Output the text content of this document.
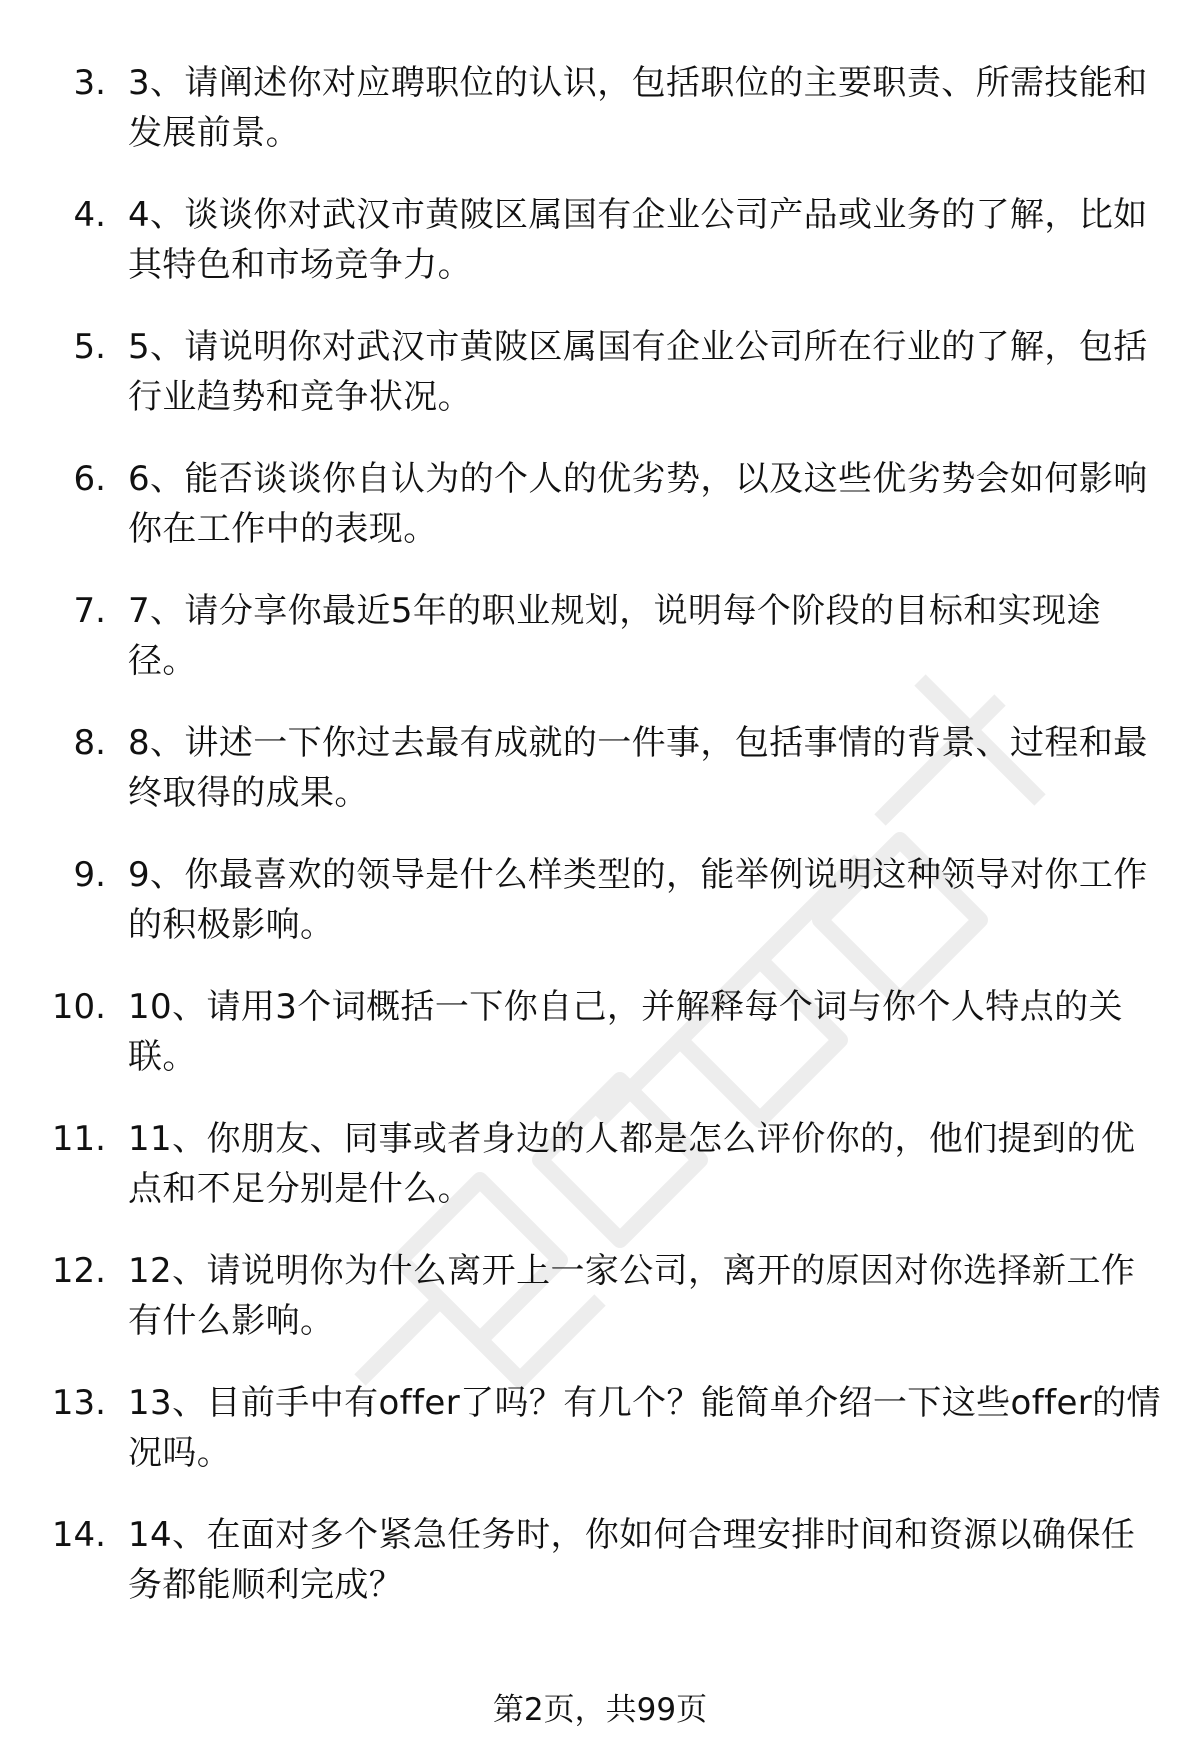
3. 3、请阐述你对应聘职位的认识，包括职位的主要职责、所需技能和发展前景。
4. 4、谈谈你对武汉市黄陂区属国有企业公司产品或业务的了解，比如其特色和市场竞争力。
5. 5、请说明你对武汉市黄陂区属国有企业公司所在行业的了解，包括行业趋势和竞争状况。
6. 6、能否谈谈你自认为的个人的优劣势，以及这些优劣势会如何影响你在工作中的表现。
7. 7、请分享你最近5年的职业规划，说明每个阶段的目标和实现途径。
8. 8、讲述一下你过去最有成就的一件事，包括事情的背景、过程和最终取得的成果。
9. 9、你最喜欢的领导是什么样类型的，能举例说明这种领导对你工作的积极影响。
10. 10、请用3个词概括一下你自己，并解释每个词与你个人特点的关联。
11. 11、你朋友、同事或者身边的人都是怎么评价你的，他们提到的优点和不足分别是什么。
12. 12、请说明你为什么离开上一家公司，离开的原因对你选择新工作有什么影响。
13. 13、目前手中有offer了吗？有几个？能简单介绍一下这些offer的情况吗。
14. 14、在面对多个紧急任务时，你如何合理安排时间和资源以确保任务都能顺利完成？
第2页，共99页
